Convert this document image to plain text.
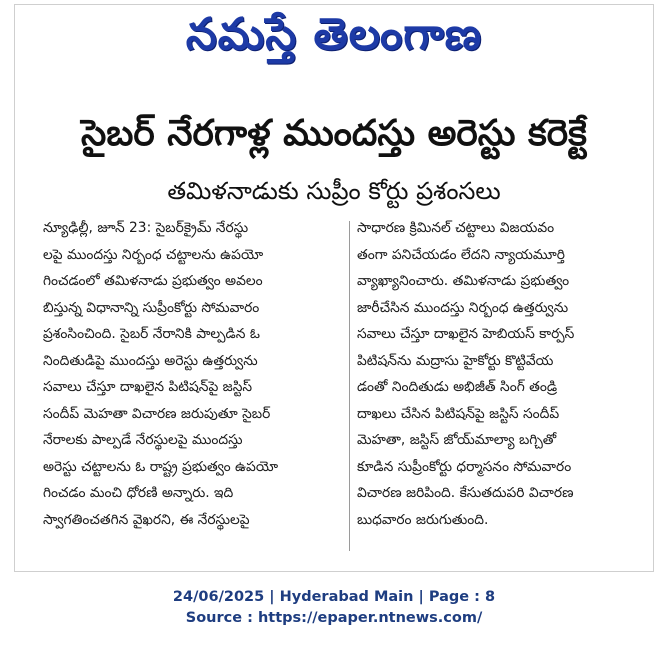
నమస్తే తెలంగాణ
సైబర్ నేరగాళ్ల ముందస్తు అరెస్టు కరెక్టే
తమిళనాడుకు సుప్రీం కోర్టు ప్రశంసలు

న్యూఢిల్లీ, జూన్ 23: సైబర్‌క్రైమ్ నేరస్థు

లపై ముందస్తు నిర్బంధ చట్టాలను ఉపయో

గించడంలో తమిళనాడు ప్రభుత్వం అవలం

బిస్తున్న విధానాన్ని సుప్రీంకోర్టు సోమవారం

ప్రశంసించింది. సైబర్ నేరానికి పాల్పడిన ఓ

నిందితుడిపై ముందస్తు అరెస్టు ఉత్తర్వును

సవాలు చేస్తూ దాఖలైన పిటిషన్‌పై జస్టిస్

సందీప్ మెహతా విచారణ జరుపుతూ సైబర్

నేరాలకు పాల్పడే నేరస్థులపై ముందస్తు

అరెస్టు చట్టాలను ఓ రాష్ట్ర ప్రభుత్వం ఉపయో

గించడం మంచి ధోరణి అన్నారు. ఇది

స్వాగతించతగిన వైఖరని, ఈ నేరస్థులపై

సాధారణ క్రిమినల్ చట్టాలు విజయవం

తంగా పనిచేయడం లేదని న్యాయమూర్తి

వ్యాఖ్యానించారు. తమిళనాడు ప్రభుత్వం

జారీచేసిన ముందస్తు నిర్బంధ ఉత్తర్వును

సవాలు చేస్తూ దాఖలైన హెబియస్ కార్పస్

పిటిషన్‌ను మద్రాసు హైకోర్టు కొట్టివేయ

డంతో నిందితుడు అభిజీత్ సింగ్ తండ్రి

దాఖలు చేసిన పిటిషన్‌పై జస్టిస్ సందీప్

మెహతా, జస్టిస్ జోయ్‌మాల్యా బగ్చితో

కూడిన సుప్రీంకోర్టు ధర్మాసనం సోమవారం

విచారణ జరిపింది. కేసుతదుపరి విచారణ

బుధవారం జరుగుతుంది.

24/06/2025 | Hyderabad Main | Page : 8
Source : https://epaper.ntnews.com/
